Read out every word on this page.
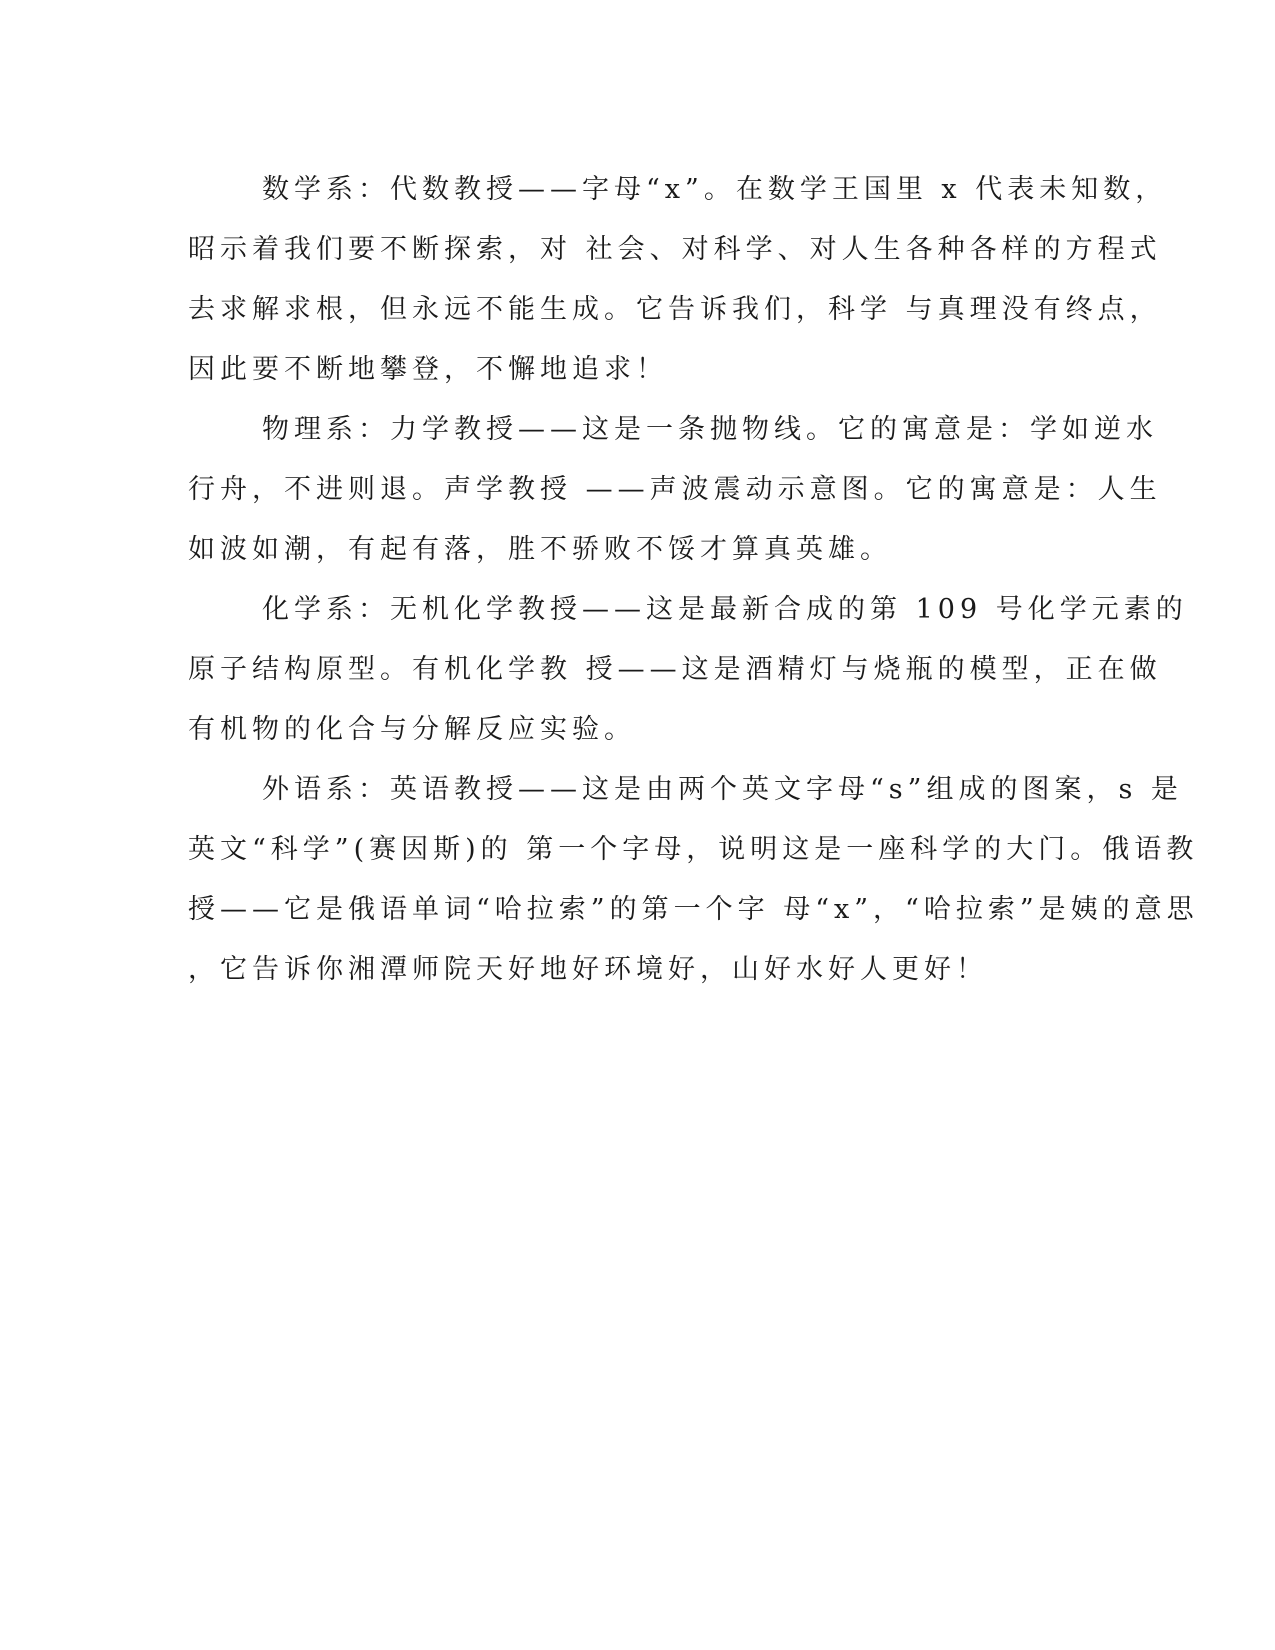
数学系：代数教授——字母“x”。在数学王国里 x 代表未知数，
昭示着我们要不断探索，对 社会、对科学、对人生各种各样的方程式
去求解求根，但永远不能生成。它告诉我们，科学 与真理没有终点，
因此要不断地攀登，不懈地追求！

物理系：力学教授——这是一条抛物线。它的寓意是：学如逆水
行舟，不进则退。声学教授 ——声波震动示意图。它的寓意是：人生
如波如潮，有起有落，胜不骄败不馁才算真英雄。

化学系：无机化学教授——这是最新合成的第 109 号化学元素的
原子结构原型。有机化学教 授——这是酒精灯与烧瓶的模型，正在做
有机物的化合与分解反应实验。

外语系：英语教授——这是由两个英文字母“s”组成的图案，s 是
英文“科学”(赛因斯)的 第一个字母，说明这是一座科学的大门。俄语教
授——它是俄语单词“哈拉索”的第一个字 母“x”，“哈拉索”是姨的意思
，它告诉你湘潭师院天好地好环境好，山好水好人更好！
